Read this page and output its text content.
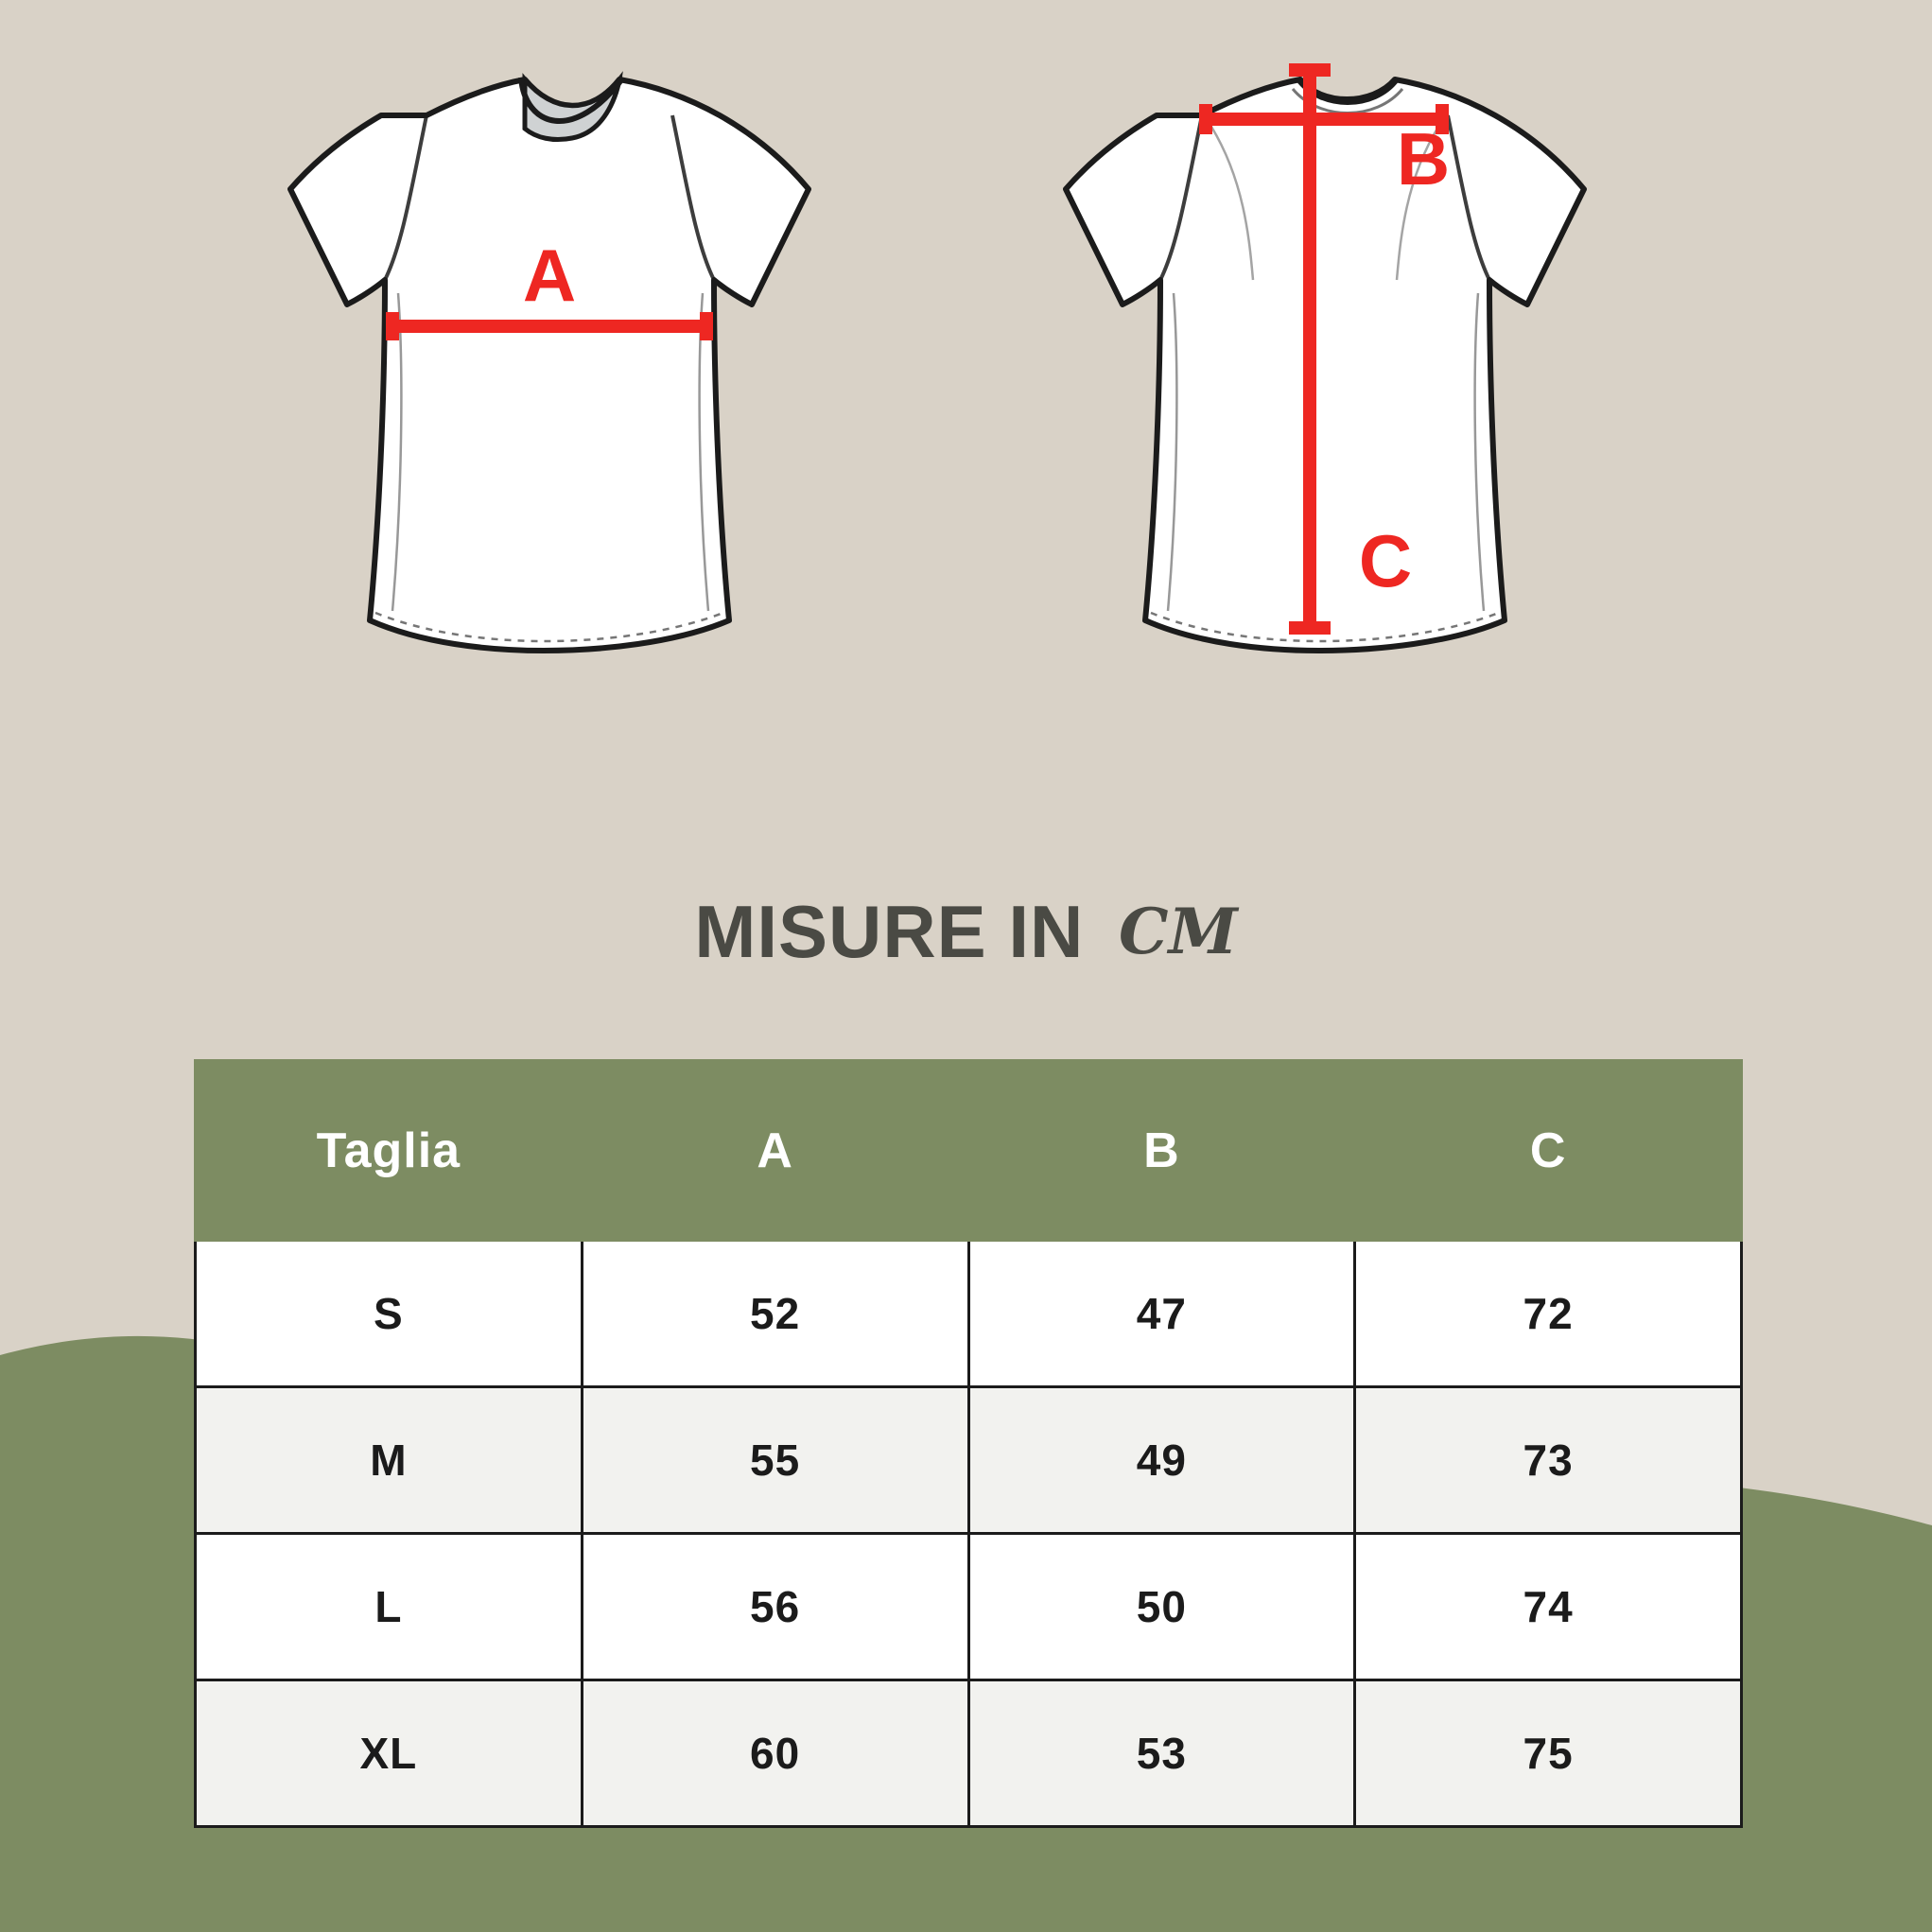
A
B
C
MISURE IN CM
Taglia	A	B	C
S	52	47	72
M	55	49	73
L	56	50	74
XL	60	53	75
